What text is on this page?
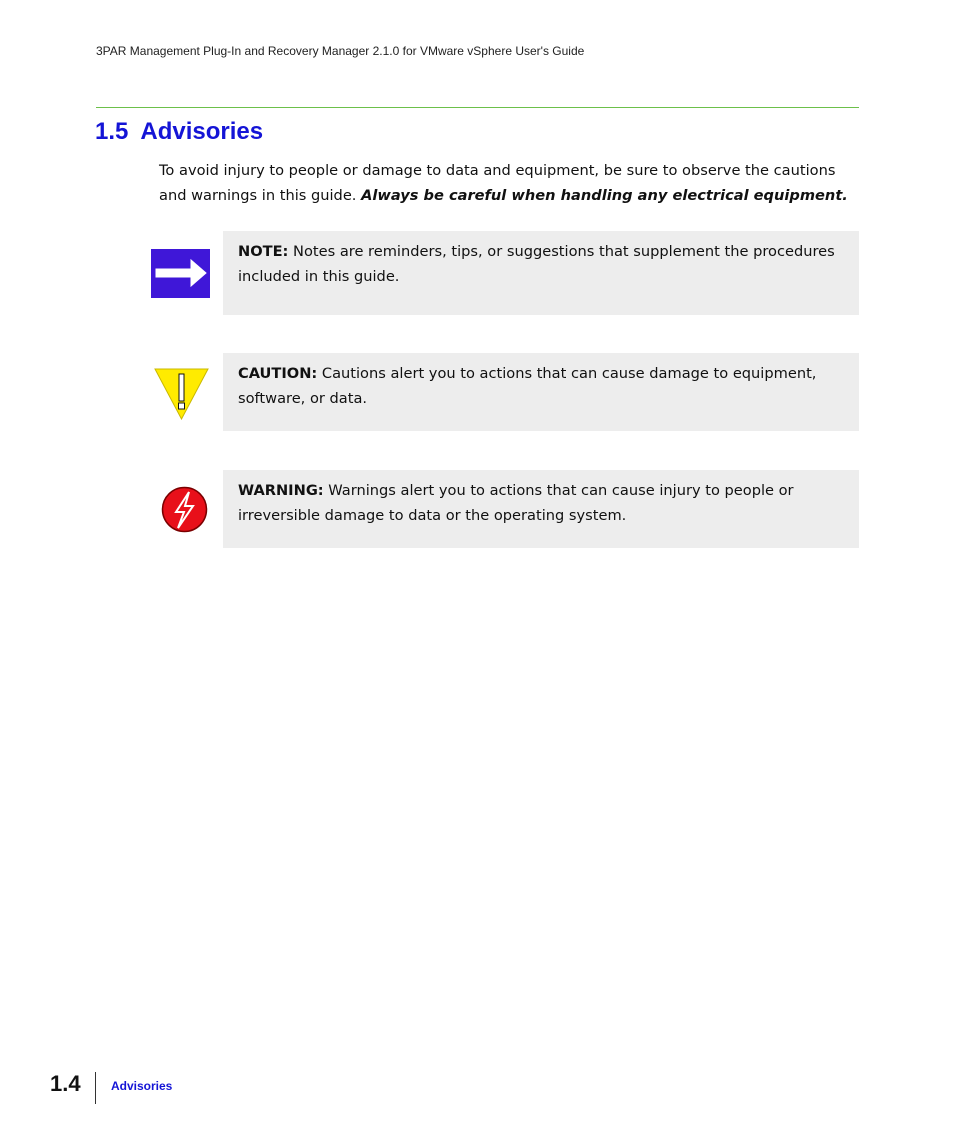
3PAR Management Plug-In and Recovery Manager 2.1.0 for VMware vSphere User's Guide
1.5 Advisories

To avoid injury to people or damage to data and equipment, be sure to observe the cautions and warnings in this guide. Always be careful when handling any electrical equipment.

NOTE: Notes are reminders, tips, or suggestions that supplement the procedures included in this guide.
CAUTION: Cautions alert you to actions that can cause damage to equipment, software, or data.
WARNING: Warnings alert you to actions that can cause injury to people or irreversible damage to data or the operating system.
1.4	Advisories
